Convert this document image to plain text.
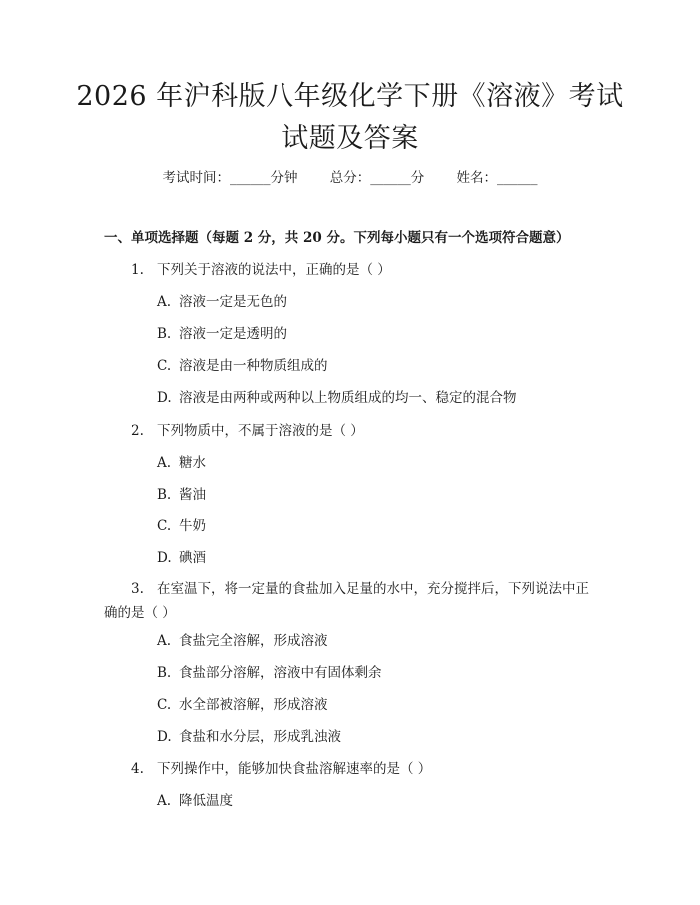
2026 年沪科版八年级化学下册《溶液》考试
试题及答案
考试时间：______分钟 总分：______分 姓名：______
一、单项选择题（每题 2 分，共 20 分。下列每小题只有一个选项符合题意）
1. 下列关于溶液的说法中，正确的是（ ）
A. 溶液一定是无色的
B. 溶液一定是透明的
C. 溶液是由一种物质组成的
D. 溶液是由两种或两种以上物质组成的均一、稳定的混合物
2. 下列物质中，不属于溶液的是（ ）
A. 糖水
B. 酱油
C. 牛奶
D. 碘酒
3. 在室温下，将一定量的食盐加入足量的水中，充分搅拌后，下列说法中正确的是（ ）
A. 食盐完全溶解，形成溶液
B. 食盐部分溶解，溶液中有固体剩余
C. 水全部被溶解，形成溶液
D. 食盐和水分层，形成乳浊液
4. 下列操作中，能够加快食盐溶解速率的是（ ）
A. 降低温度
